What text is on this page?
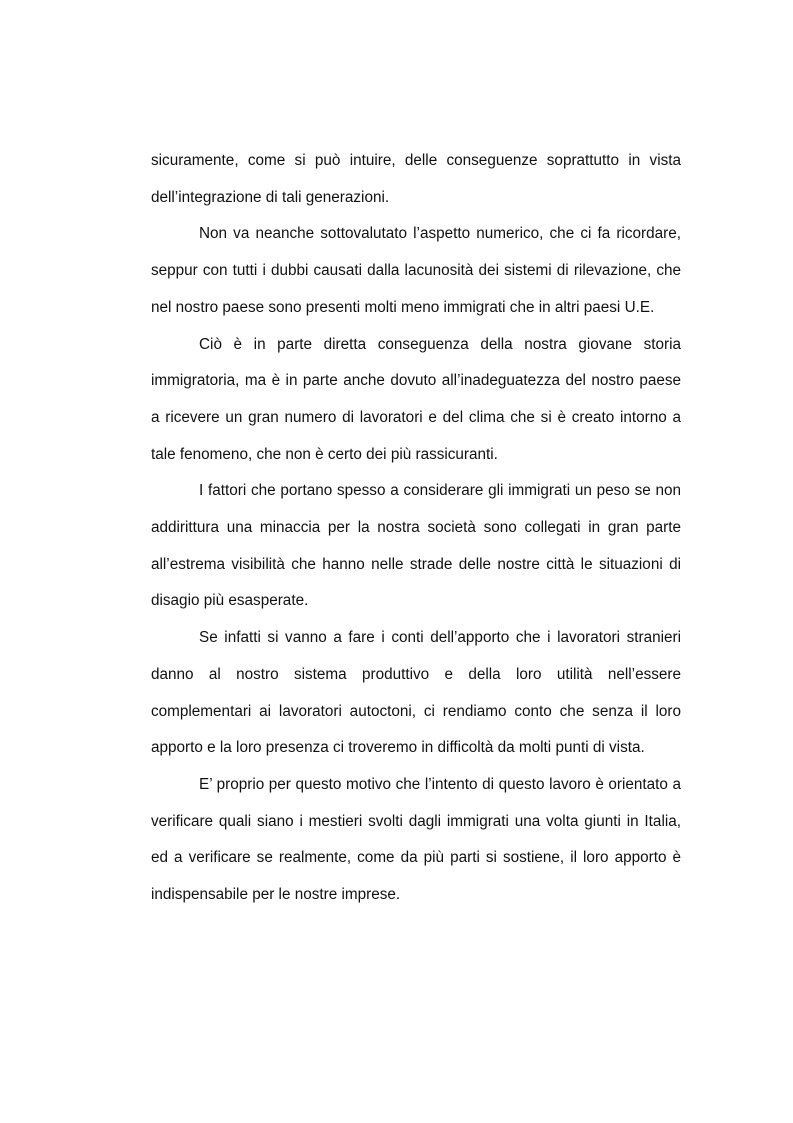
sicuramente, come si può intuire, delle conseguenze soprattutto in vista dell’integrazione di tali generazioni.

Non va neanche sottovalutato l’aspetto numerico, che ci fa ricordare, seppur con tutti i dubbi causati dalla lacunosità dei sistemi di rilevazione, che nel nostro paese sono presenti molti meno immigrati che in altri paesi U.E.

Ciò è in parte diretta conseguenza della nostra giovane storia immigratoria, ma è in parte anche dovuto all’inadeguatezza del nostro paese a ricevere un gran numero di lavoratori e del clima che si è creato intorno a tale fenomeno, che non è certo dei più rassicuranti.

I fattori che portano spesso a considerare gli immigrati un peso se non addirittura una minaccia per la nostra società sono collegati in gran parte all’estrema visibilità che hanno nelle strade delle nostre città le situazioni di disagio più esasperate.

Se infatti si vanno a fare i conti dell’apporto che i lavoratori stranieri danno al nostro sistema produttivo e della loro utilità nell’essere complementari ai lavoratori autoctoni, ci rendiamo conto che senza il loro apporto e la loro presenza ci troveremo in difficoltà da molti punti di vista.

E’ proprio per questo motivo che l’intento di questo lavoro è orientato a verificare quali siano i mestieri svolti dagli immigrati una volta giunti in Italia, ed a verificare se realmente, come da più parti si sostiene, il loro apporto è indispensabile per le nostre imprese.
